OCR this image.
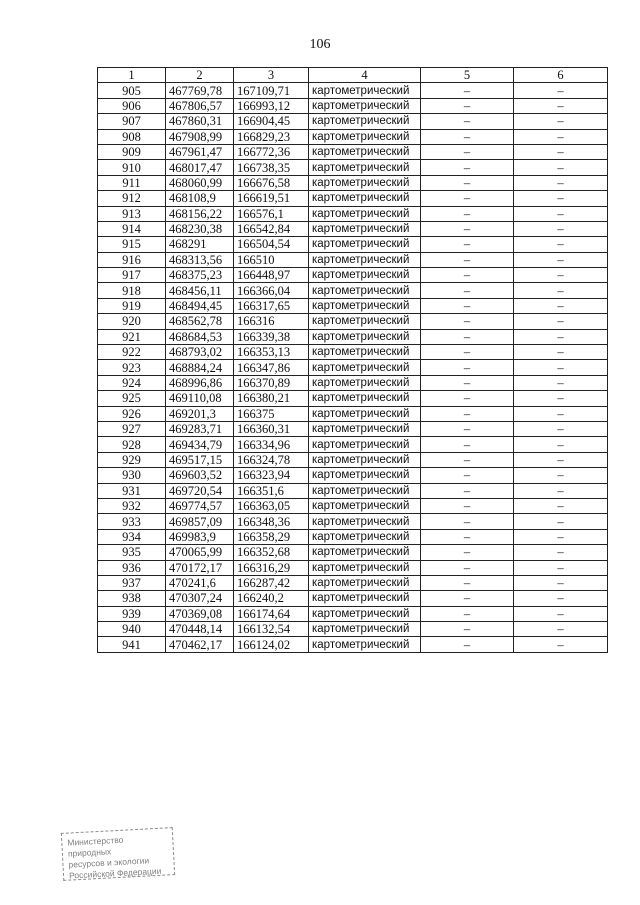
106
1	2	3	4	5	6
905	467769,78	167109,71	картометрический	–	–
906	467806,57	166993,12	картометрический	–	–
907	467860,31	166904,45	картометрический	–	–
908	467908,99	166829,23	картометрический	–	–
909	467961,47	166772,36	картометрический	–	–
910	468017,47	166738,35	картометрический	–	–
911	468060,99	166676,58	картометрический	–	–
912	468108,9	166619,51	картометрический	–	–
913	468156,22	166576,1	картометрический	–	–
914	468230,38	166542,84	картометрический	–	–
915	468291	166504,54	картометрический	–	–
916	468313,56	166510	картометрический	–	–
917	468375,23	166448,97	картометрический	–	–
918	468456,11	166366,04	картометрический	–	–
919	468494,45	166317,65	картометрический	–	–
920	468562,78	166316	картометрический	–	–
921	468684,53	166339,38	картометрический	–	–
922	468793,02	166353,13	картометрический	–	–
923	468884,24	166347,86	картометрический	–	–
924	468996,86	166370,89	картометрический	–	–
925	469110,08	166380,21	картометрический	–	–
926	469201,3	166375	картометрический	–	–
927	469283,71	166360,31	картометрический	–	–
928	469434,79	166334,96	картометрический	–	–
929	469517,15	166324,78	картометрический	–	–
930	469603,52	166323,94	картометрический	–	–
931	469720,54	166351,6	картометрический	–	–
932	469774,57	166363,05	картометрический	–	–
933	469857,09	166348,36	картометрический	–	–
934	469983,9	166358,29	картометрический	–	–
935	470065,99	166352,68	картометрический	–	–
936	470172,17	166316,29	картометрический	–	–
937	470241,6	166287,42	картометрический	–	–
938	470307,24	166240,2	картометрический	–	–
939	470369,08	166174,64	картометрический	–	–
940	470448,14	166132,54	картометрический	–	–
941	470462,17	166124,02	картометрический	–	–
Министерство природных
ресурсов и экологии
Российской Федерации
